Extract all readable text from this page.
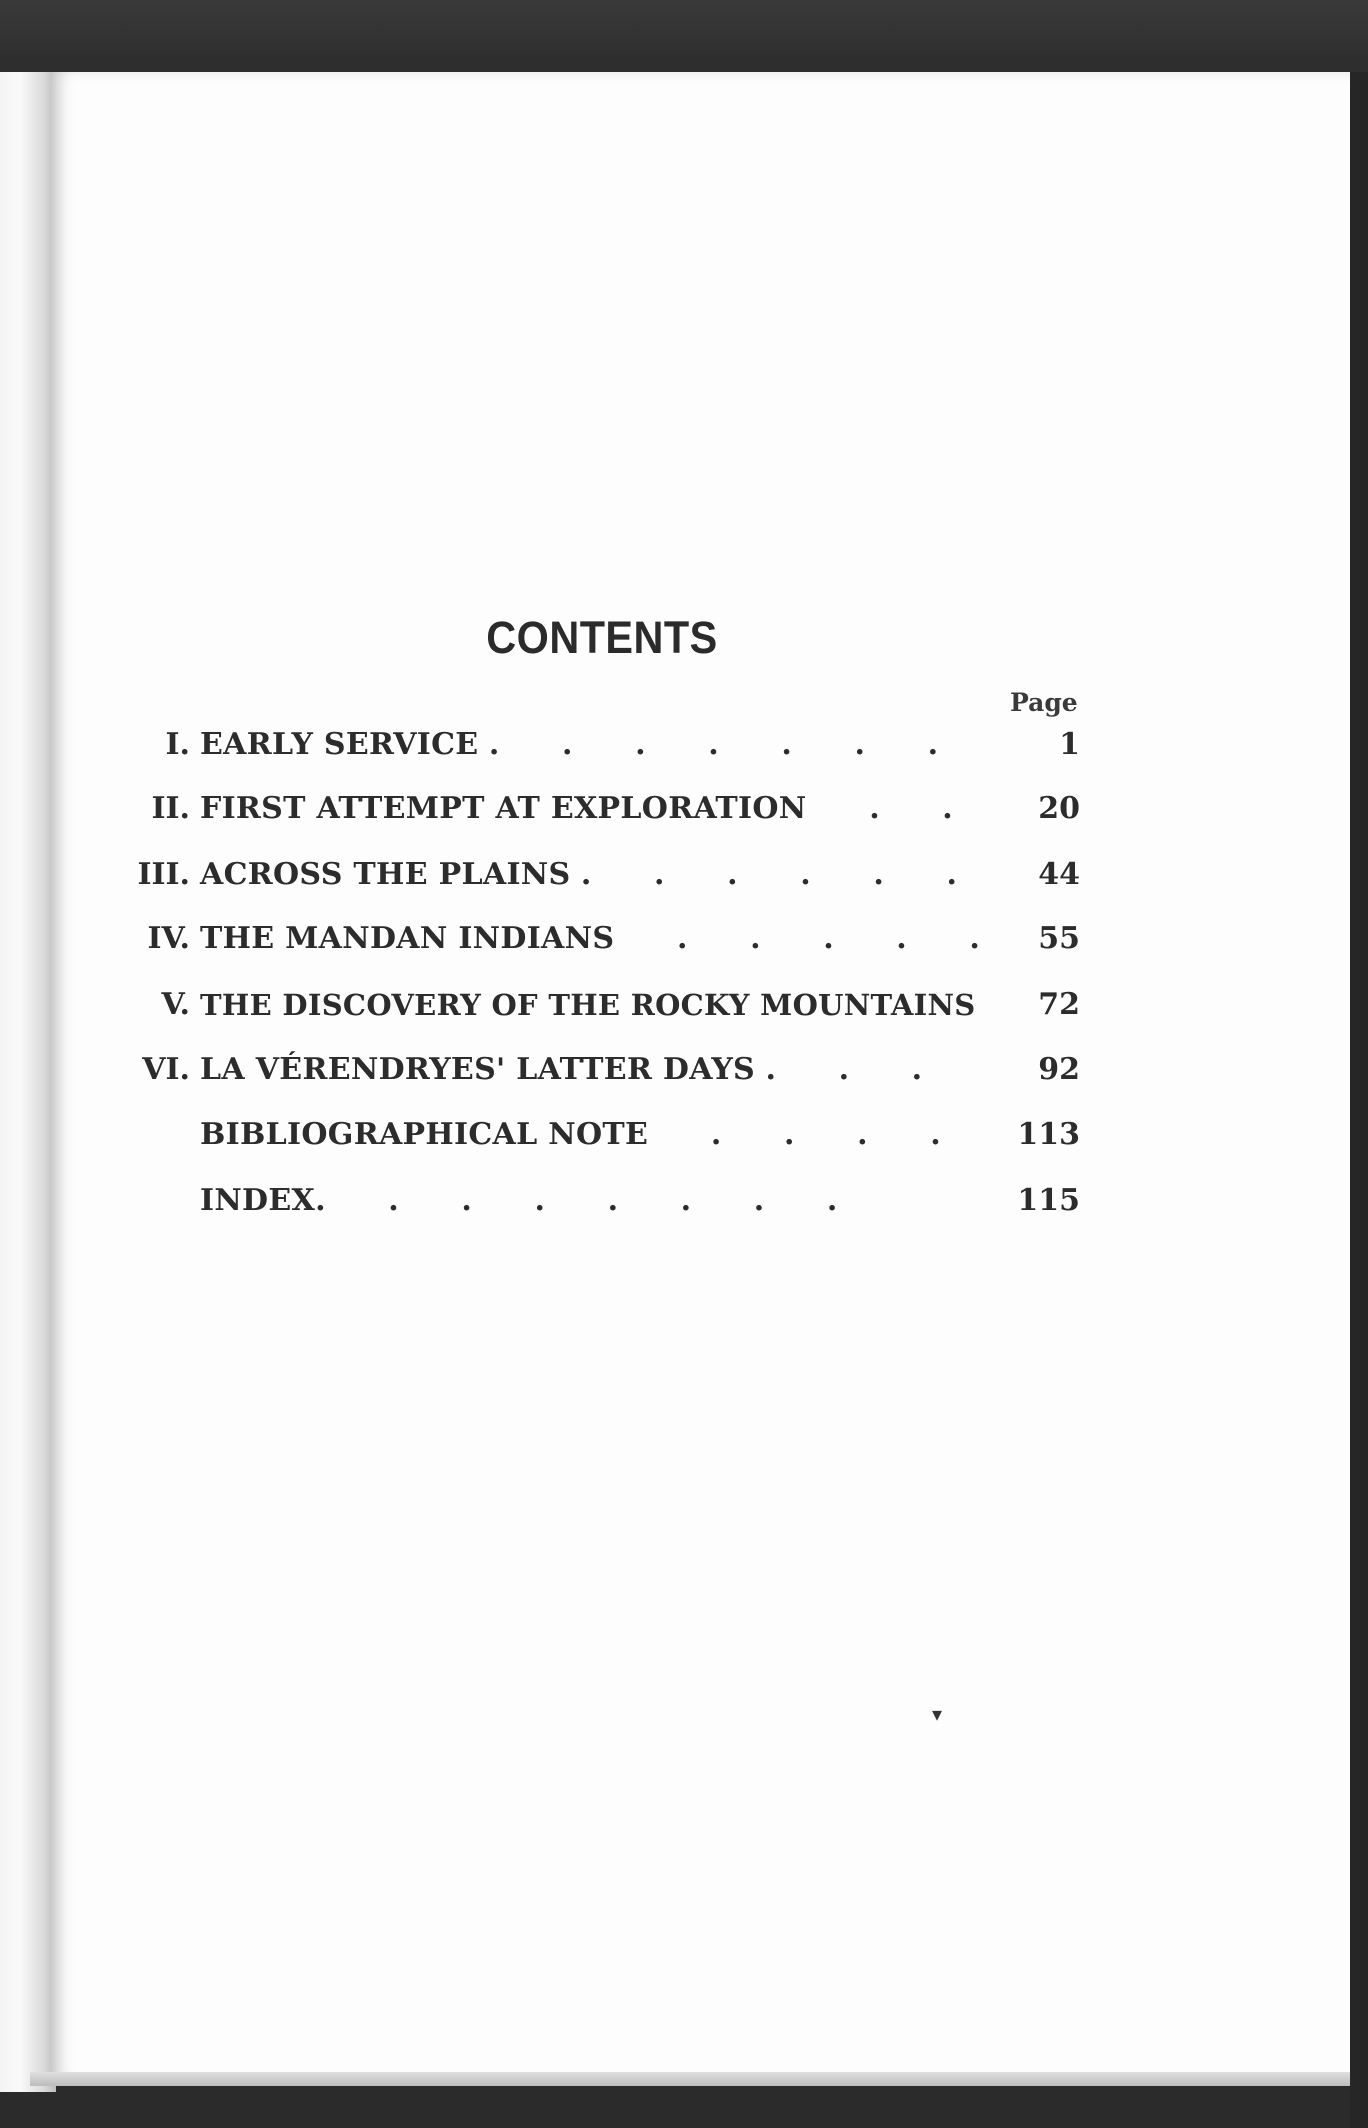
CONTENTS
Page
I. EARLY SERVICE .      .      .      .      .      .      .	1
II. FIRST ATTEMPT AT EXPLORATION      .      .	20
III. ACROSS THE PLAINS .      .      .      .      .      .	44
IV. THE MANDAN INDIANS      .      .      .      .      . 55
V. THE DISCOVERY OF THE ROCKY MOUNTAINS 72
VI. LA VÉRENDRYES' LATTER DAYS .      .      .	92
BIBLIOGRAPHICAL NOTE      .      .      .      .	113
INDEX.      .      .      .      .      .      .      .	115
▾
